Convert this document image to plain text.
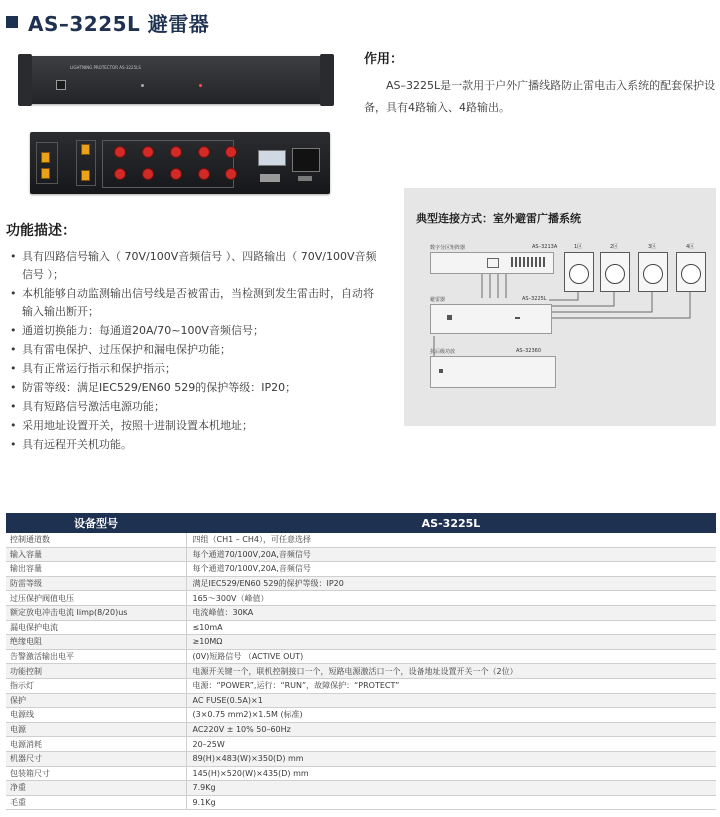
AS–3225L 避雷器
LIGHTNING PROTECTOR AS-3225LS
作用：
AS–3225L是一款用于户外广播线路防止雷电击入系统的配套保护设备，具有4路输入、4路输出。
功能描述：
• 具有四路信号输入（ 70V/100V音频信号 ）、四路输出（ 70V/100V音频信号 ）；
• 本机能够自动监测输出信号线是否被雷击，当检测到发生雷击时，自动将输入输出断开；
• 通道切换能力：每通道20A/70~100V音频信号；
• 具有雷电保护、过压保护和漏电保护功能；
• 具有正常运行指示和保护指示；
• 防雷等级：满足IEC529/EN60 529的保护等级：IP20；
• 具有短路信号激活电源功能；
• 采用地址设置开关，按照十进制设置本机地址；
• 具有远程开关机功能。
典型连接方式：室外避雷广播系统
数字分区矩阵器	AS–3213A
避雷器	AS–3225L
抗后级功放	AS–32360
1区	2区	3区	4区
设备型号	AS-3225L
控制通道数	四组（CH1 – CH4），可任意选择
输入容量	每个通道70/100V,20A,音频信号
输出容量	每个通道70/100V,20A,音频信号
防雷等级	满足IEC529/EN60 529的保护等级：IP20
过压保护阀值电压	165～300V（峰值）
额定放电冲击电流 Iimp(8/20)us	电流峰值：30KA
漏电保护电流	≤10mA
绝缘电阻	≥10MΩ
告警激活输出电平	(0V)短路信号 （ACTIVE OUT)
功能控制	电源开关键一个，联机控制接口一个，短路电源激活口一个，设备地址设置开关一个（2位）
指示灯	电源：“POWER”,运行：“RUN”，故障保护：“PROTECT”
保护	AC FUSE(0.5A)×1
电源线	(3×0.75 mm2)×1.5M (标准)
电源	AC220V ± 10% 50–60Hz
电源消耗	20–25W
机器尺寸	89(H)×483(W)×350(D) mm
包装箱尺寸	145(H)×520(W)×435(D) mm
净重	7.9Kg
毛重	9.1Kg
